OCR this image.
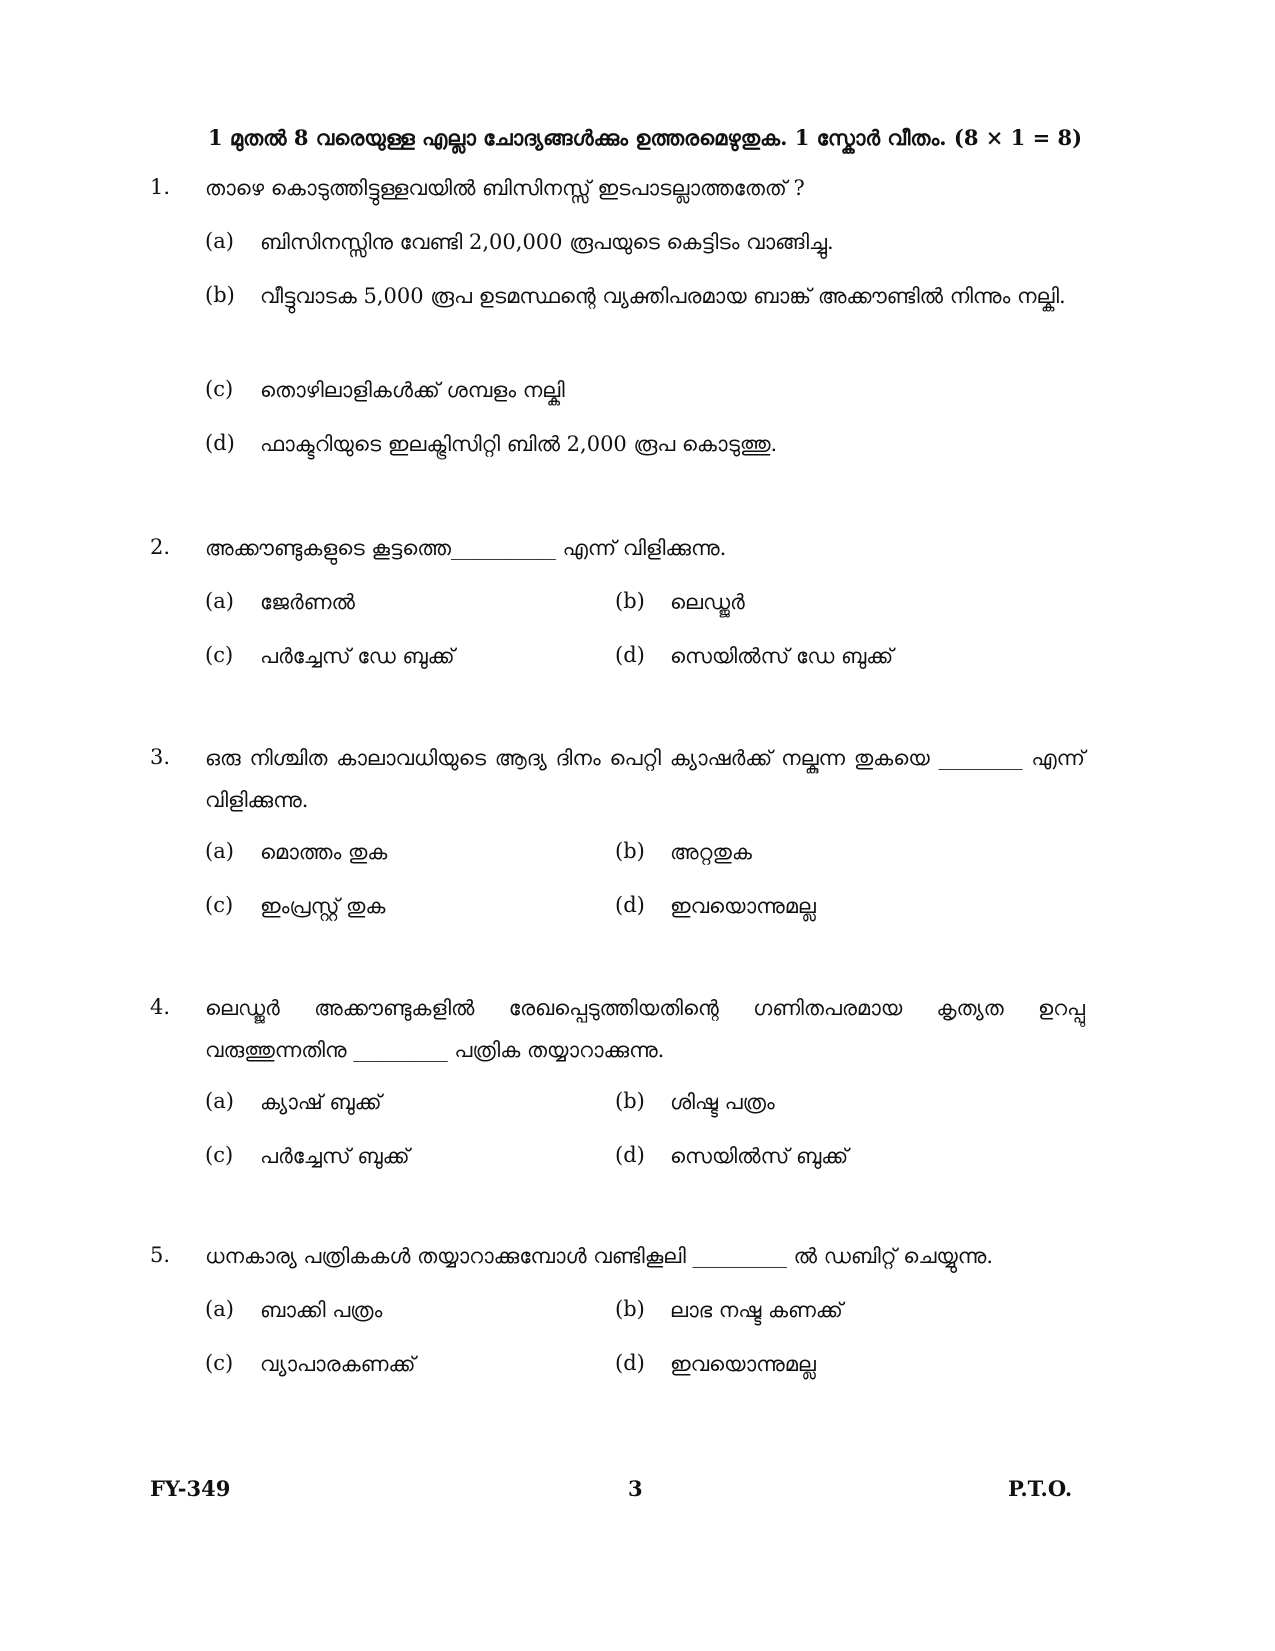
1 മുതൽ 8 വരെയുള്ള എല്ലാ ചോദ്യങ്ങൾക്കും ഉത്തരമെഴുതുക. 1 സ്കോർ വീതം. (8 × 1 = 8)
1. താഴെ കൊടുത്തിട്ടുള്ളവയിൽ ബിസിനസ്സ് ഇടപാടല്ലാത്തതേത് ?
(a) ബിസിനസ്സിനു വേണ്ടി 2,00,000 രൂപയുടെ കെട്ടിടം വാങ്ങിച്ചു.
(b) വീട്ടുവാടക 5,000 രൂപ ഉടമസ്ഥന്റെ വ്യക്തിപരമായ ബാങ്ക് അക്കൗണ്ടിൽ നിന്നും നല്കി.
(c) തൊഴിലാളികൾക്ക് ശമ്പളം നല്കി
(d) ഫാക്ടറിയുടെ ഇലക്ട്രിസിറ്റി ബിൽ 2,000 രൂപ കൊടുത്തു.
2. അക്കൗണ്ടുകളുടെ കൂട്ടത്തെ__________ എന്ന് വിളിക്കുന്നു.
(a) ജേർണൽ	(b) ലെഡ്ജർ
(c) പർച്ചേസ് ഡേ ബുക്ക്	(d) സെയിൽസ് ഡേ ബുക്ക്
3. ഒരു നിശ്ചിത കാലാവധിയുടെ ആദ്യ ദിനം പെറ്റി ക്യാഷർക്ക് നല്കുന്ന തുകയെ ________ എന്ന് വിളിക്കുന്നു.
(a) മൊത്തം തുക	(b) അറ്റതുക
(c) ഇംപ്രസ്റ്റ് തുക	(d) ഇവയൊന്നുമല്ല
4. ലെഡ്ജർ അക്കൗണ്ടുകളിൽ രേഖപ്പെടുത്തിയതിന്റെ ഗണിതപരമായ കൃത്യത ഉറപ്പു വരുത്തുന്നതിനു _________ പത്രിക തയ്യാറാക്കുന്നു.
(a) ക്യാഷ് ബുക്ക്	(b) ശിഷ്ട പത്രം
(c) പർച്ചേസ് ബുക്ക്	(d) സെയിൽസ് ബുക്ക്
5. ധനകാര്യ പത്രികകൾ തയ്യാറാക്കുമ്പോൾ വണ്ടികൂലി _________ ൽ ഡബിറ്റ് ചെയ്യുന്നു.
(a) ബാക്കി പത്രം	(b) ലാഭ നഷ്ട കണക്ക്
(c) വ്യാപാരകണക്ക്	(d) ഇവയൊന്നുമല്ല
FY-349	3	P.T.O.
